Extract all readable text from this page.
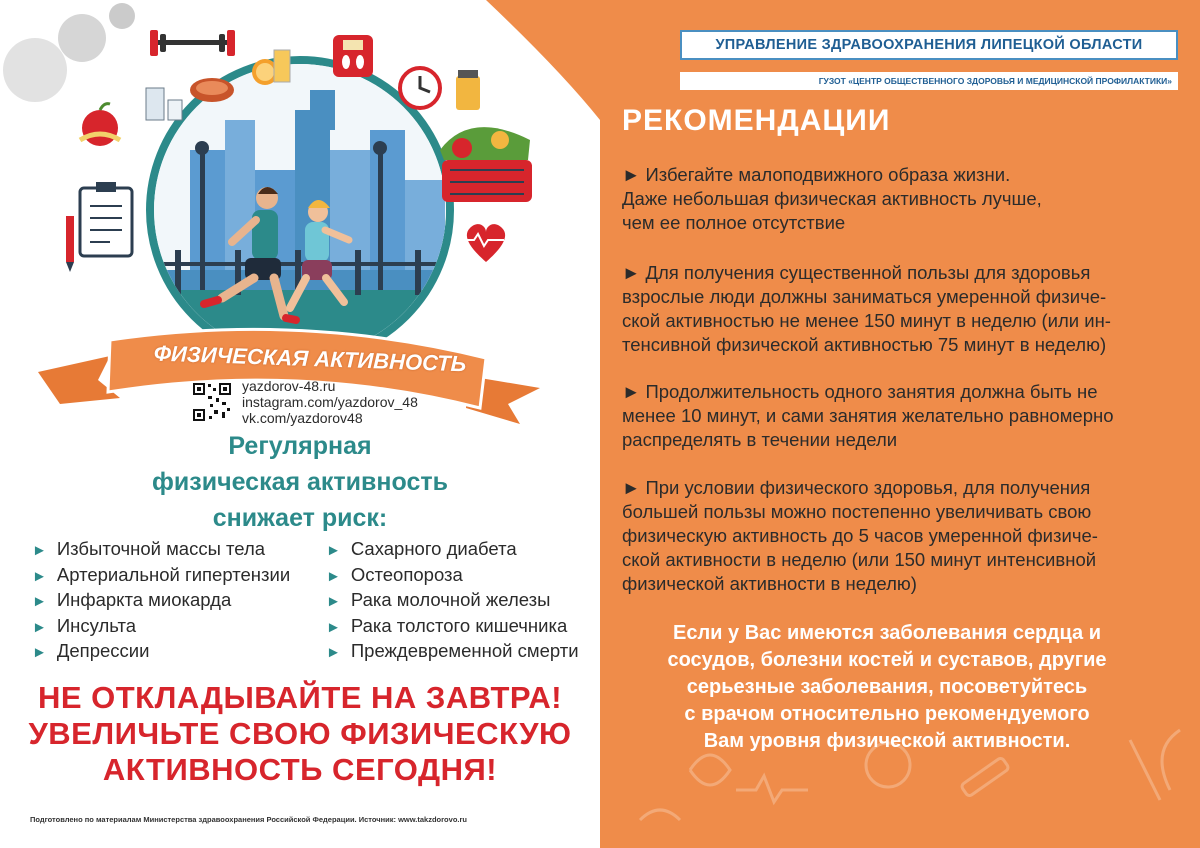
УПРАВЛЕНИЕ ЗДРАВООХРАНЕНИЯ ЛИПЕЦКОЙ ОБЛАСТИ
ГУЗОТ «ЦЕНТР ОБЩЕСТВЕННОГО ЗДОРОВЬЯ И МЕДИЦИНСКОЙ ПРОФИЛАКТИКИ»
РЕКОМЕНДАЦИИ
► Избегайте малоподвижного образа жизни.
Даже небольшая физическая активность лучше,
чем ее полное отсутствие
► Для получения существенной пользы для здоровья
взрослые люди должны заниматься умеренной физиче-
ской активностью не менее 150 минут в неделю (или ин-
тенсивной физической активностью 75 минут в неделю)
► Продолжительность одного занятия должна быть не
менее 10 минут, и сами занятия желательно равномерно
распределять в течении недели
► При условии физического здоровья, для получения
большей пользы можно постепенно увеличивать свою
физическую активность до 5 часов умеренной физиче-
ской активности в неделю (или 150 минут интенсивной
физической активности в неделю)
Если у Вас имеются заболевания сердца и
сосудов, болезни костей и суставов, другие
серьезные заболевания, посоветуйтесь
с врачом относительно рекомендуемого
Вам уровня физической активности.
ФИЗИЧЕСКАЯ АКТИВНОСТЬ
yazdorov-48.ru
instagram.com/yazdorov_48
vk.com/yazdorov48
Регулярная
физическая активность
снижает риск:
► Избыточной массы тела
► Артериальной гипертензии
► Инфаркта миокарда
► Инсульта
► Депрессии
► Сахарного диабета
► Остеопороза
► Рака молочной железы
► Рака толстого кишечника
► Преждевременной смерти
НЕ ОТКЛАДЫВАЙТЕ НА ЗАВТРА!
УВЕЛИЧЬТЕ СВОЮ ФИЗИЧЕСКУЮ
АКТИВНОСТЬ СЕГОДНЯ!
Подготовлено по материалам Министерства здравоохранения Российской Федерации. Источник: www.takzdorovo.ru
